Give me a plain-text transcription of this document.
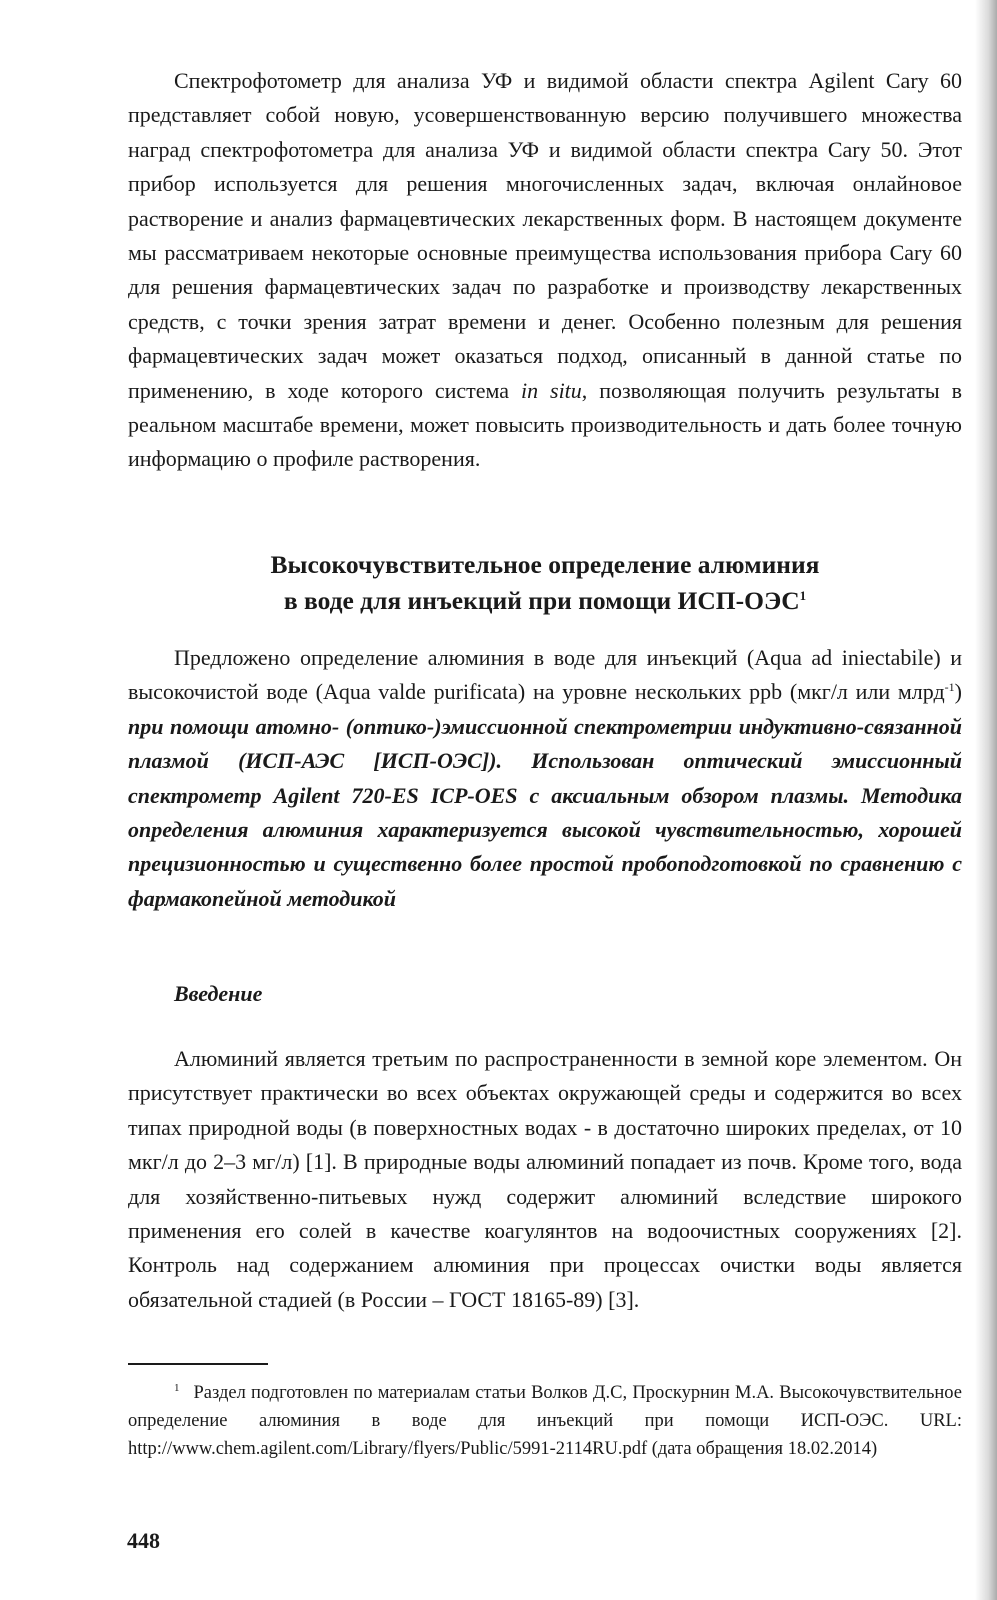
Спектрофотометр для анализа УФ и видимой области спектра Agilent Cary 60 представляет собой новую, усовершенствованную версию получившего множества наград спектрофотометра для анализа УФ и видимой области спектра Cary 50. Этот прибор используется для решения многочисленных задач, включая онлайновое растворение и анализ фармацевтических лекарственных форм. В настоящем документе мы рассматриваем некоторые основные преимущества использования прибора Cary 60 для решения фармацевтических задач по разработке и производству лекарственных средств, с точки зрения затрат времени и денег. Особенно полезным для решения фармацевтических задач может оказаться подход, описанный в данной статье по применению, в ходе которого система in situ, позволяющая получить результаты в реальном масштабе времени, может повысить производительность и дать более точную информацию о профиле растворения.

Высокочувствительное определение алюминия
в воде для инъекций при помощи ИСП-ОЭС$^1$

Предложено определение алюминия в воде для инъекций (Aqua ad iniectabile) и высокочистой воде (Aqua valde purificata) на уровне нескольких ppb (мкг/л или млрд$^{-1}$) при помощи атомно- (оптико-)эмиссионной спектрометрии индуктивно-связанной плазмой (ИСП-АЭС [ИСП-ОЭС]). Использован оптический эмиссионный спектрометр Agilent 720-ES ICP-OES с аксиальным обзором плазмы. Методика определения алюминия характеризуется высокой чувствительностью, хорошей прецизионностью и существенно более простой пробоподготовкой по сравнению с фармакопейной методикой

Введение

Алюминий является третьим по распространенности в земной коре элементом. Он присутствует практически во всех объектах окружающей среды и содержится во всех типах природной воды (в поверхностных водах - в достаточно широких пределах, от 10 мкг/л до 2–3 мг/л) [1]. В природные воды алюминий попадает из почв. Кроме того, вода для хозяйственно-питьевых нужд содержит алюминий вследствие широкого применения его солей в качестве коагулянтов на водоочистных сооружениях [2]. Контроль над содержанием алюминия при процессах очистки воды является обязательной стадией (в России – ГОСТ 18165-89) [3].

$^1$ Раздел подготовлен по материалам статьи Волков Д.С, Проскурнин М.А. Высокочувствительное определение алюминия в воде для инъекций при помощи ИСП-ОЭС. URL: http://www.chem.agilent.com/Library/flyers/Public/5991-2114RU.pdf (дата обращения 18.02.2014)

448
